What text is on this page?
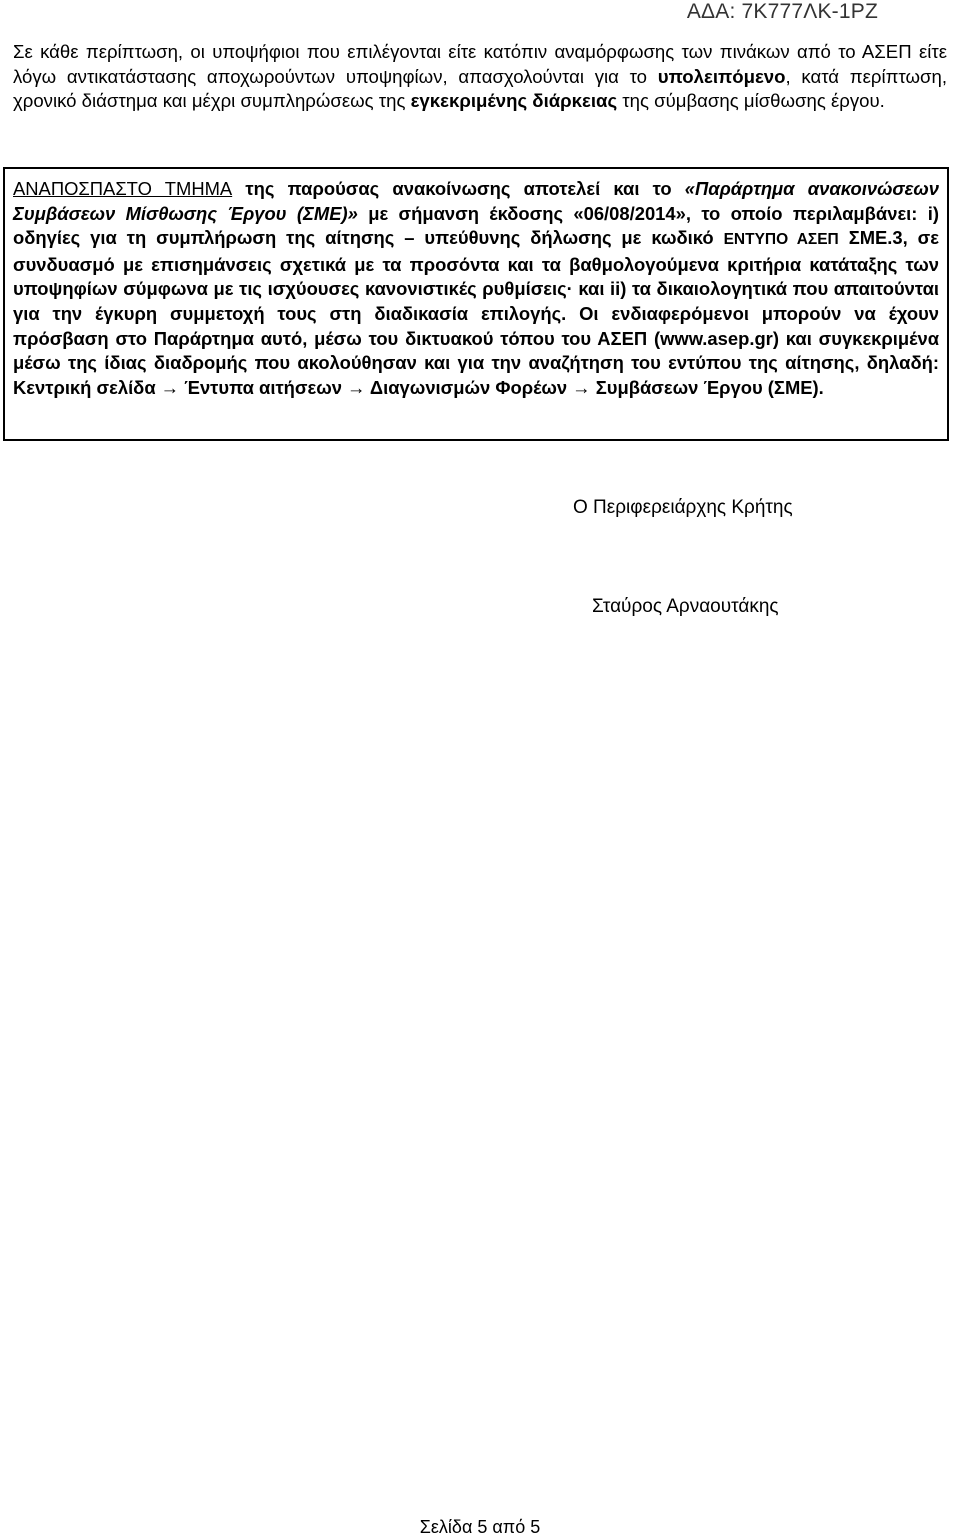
ΑΔΑ: 7Κ777ΛΚ-1ΡΖ
Σε κάθε περίπτωση, οι υποψήφιοι που επιλέγονται είτε κατόπιν αναμόρφωσης των πινάκων από το ΑΣΕΠ είτε λόγω αντικατάστασης αποχωρούντων υποψηφίων, απασχολούνται για το υπολειπόμενο, κατά περίπτωση, χρονικό διάστημα και μέχρι συμπληρώσεως της εγκεκριμένης διάρκειας της σύμβασης μίσθωσης έργου.
ΑΝΑΠΟΣΠΑΣΤΟ ΤΜΗΜΑ της παρούσας ανακοίνωσης αποτελεί και το «Παράρτημα ανακοινώσεων Συμβάσεων Μίσθωσης Έργου (ΣΜΕ)» με σήμανση έκδοσης «06/08/2014», το οποίο περιλαμβάνει: i) οδηγίες για τη συμπλήρωση της αίτησης – υπεύθυνης δήλωσης με κωδικό ΕΝΤΥΠΟ ΑΣΕΠ ΣΜΕ.3, σε συνδυασμό με επισημάνσεις σχετικά με τα προσόντα και τα βαθμολογούμενα κριτήρια κατάταξης των υποψηφίων σύμφωνα με τις ισχύουσες κανονιστικές ρυθμίσεις· και ii) τα δικαιολογητικά που απαιτούνται για την έγκυρη συμμετοχή τους στη διαδικασία επιλογής. Οι ενδιαφερόμενοι μπορούν να έχουν πρόσβαση στο Παράρτημα αυτό, μέσω του δικτυακού τόπου του ΑΣΕΠ (www.asep.gr) και συγκεκριμένα μέσω της ίδιας διαδρομής που ακολούθησαν και για την αναζήτηση του εντύπου της αίτησης, δηλαδή: Κεντρική σελίδα → Έντυπα αιτήσεων → Διαγωνισμών Φορέων → Συμβάσεων Έργου (ΣΜΕ).
Ο Περιφερειάρχης Κρήτης
Σταύρος Αρναουτάκης
Σελίδα 5 από 5
